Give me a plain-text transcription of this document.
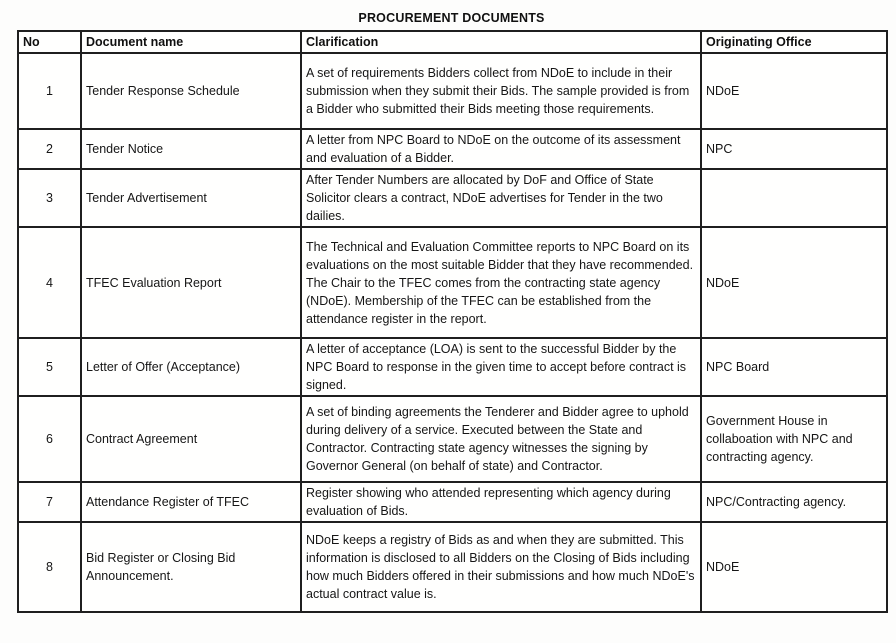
PROCUREMENT DOCUMENTS
No	Document name	Clarification	Originating Office
1	Tender Response Schedule	A set of requirements Bidders collect from NDoE to include in their submission when they submit their Bids. The sample provided is from a Bidder who submitted their Bids meeting those requirements.	NDoE
2	Tender Notice	A letter from NPC Board to NDoE on the outcome of its assessment and evaluation of a Bidder.	NPC
3	Tender Advertisement	After Tender Numbers are allocated by DoF and Office of State Solicitor clears a contract, NDoE advertises for Tender in the two dailies.	
4	TFEC Evaluation Report	The Technical and Evaluation Committee reports to NPC Board on its evaluations on the most suitable Bidder that they have recommended. The Chair to the TFEC comes from the contracting state agency (NDoE). Membership of the TFEC can be established from the attendance register in the report.	NDoE
5	Letter of Offer (Acceptance)	A letter of acceptance (LOA) is sent to the successful Bidder by the NPC Board to response in the given time to accept before contract is signed.	NPC Board
6	Contract Agreement	A set of binding agreements the Tenderer and Bidder agree to uphold during delivery of a service. Executed between the State and Contractor. Contracting state agency witnesses the signing by Governor General (on behalf of state) and Contractor.	Government House in collaboation with NPC and contracting agency.
7	Attendance Register of TFEC	Register showing who attended representing which agency during evaluation of Bids.	NPC/Contracting agency.
8	Bid Register or Closing Bid Announcement.	NDoE keeps a registry of Bids as and when they are submitted. This information is disclosed to all Bidders on the Closing of Bids including how much Bidders offered in their submissions and how much NDoE's actual contract value is.	NDoE
